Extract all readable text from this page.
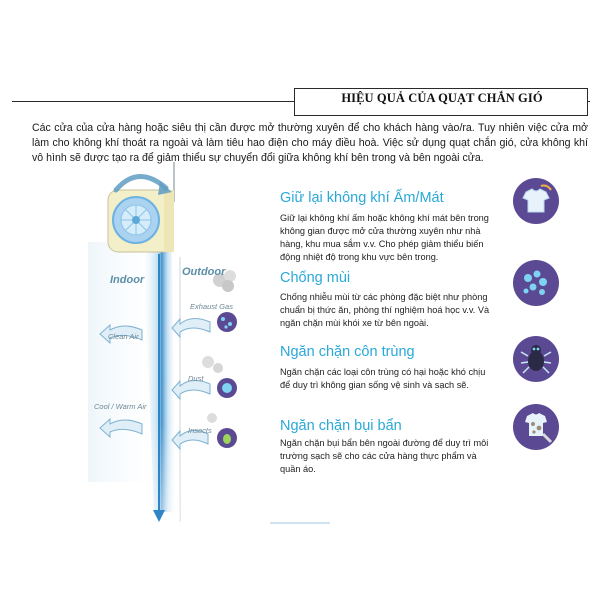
HIỆU QUẢ CỦA QUẠT CHẮN GIÓ
Các cửa của cửa hàng hoặc siêu thị cần được mở thường xuyên để cho khách hàng vào/ra. Tuy nhiên việc cửa mở làm cho không khí thoát ra ngoài và làm tiêu hao điện cho máy điều hoà. Việc sử dụng quạt chắn gió, cửa không khí vô hình sẽ được tạo ra để giảm thiểu sự chuyển đổi giữa không khí bên trong và bên ngoài cửa.
Indoor
Outdoor
Clean Air
Cool / Warm Air
Exhaust Gas
Dust
Insects
Giữ lại không khí Ấm/Mát
Giữ lại không khí ấm hoặc không khí mát bên trong không gian được mở cửa thường xuyên như nhà hàng, khu mua sắm v.v. Cho phép giảm thiểu biến động nhiệt độ trong khu vực bên trong.
Chống mùi
Chống nhiễu mùi từ các phòng đặc biệt như phòng chuẩn bị thức ăn, phòng thí nghiệm hoá học v.v. Và ngăn chặn mùi khói xe từ bên ngoài.
Ngăn chặn côn trùng
Ngăn chặn các loại côn trùng có hại hoặc khó chịu để duy trì không gian sống vệ sinh và sạch sẽ.
Ngăn chặn bụi bẩn
Ngăn chặn bụi bẩn bên ngoài đường để duy trì môi trường sạch sẽ cho các cửa hàng thực phẩm và quần áo.
